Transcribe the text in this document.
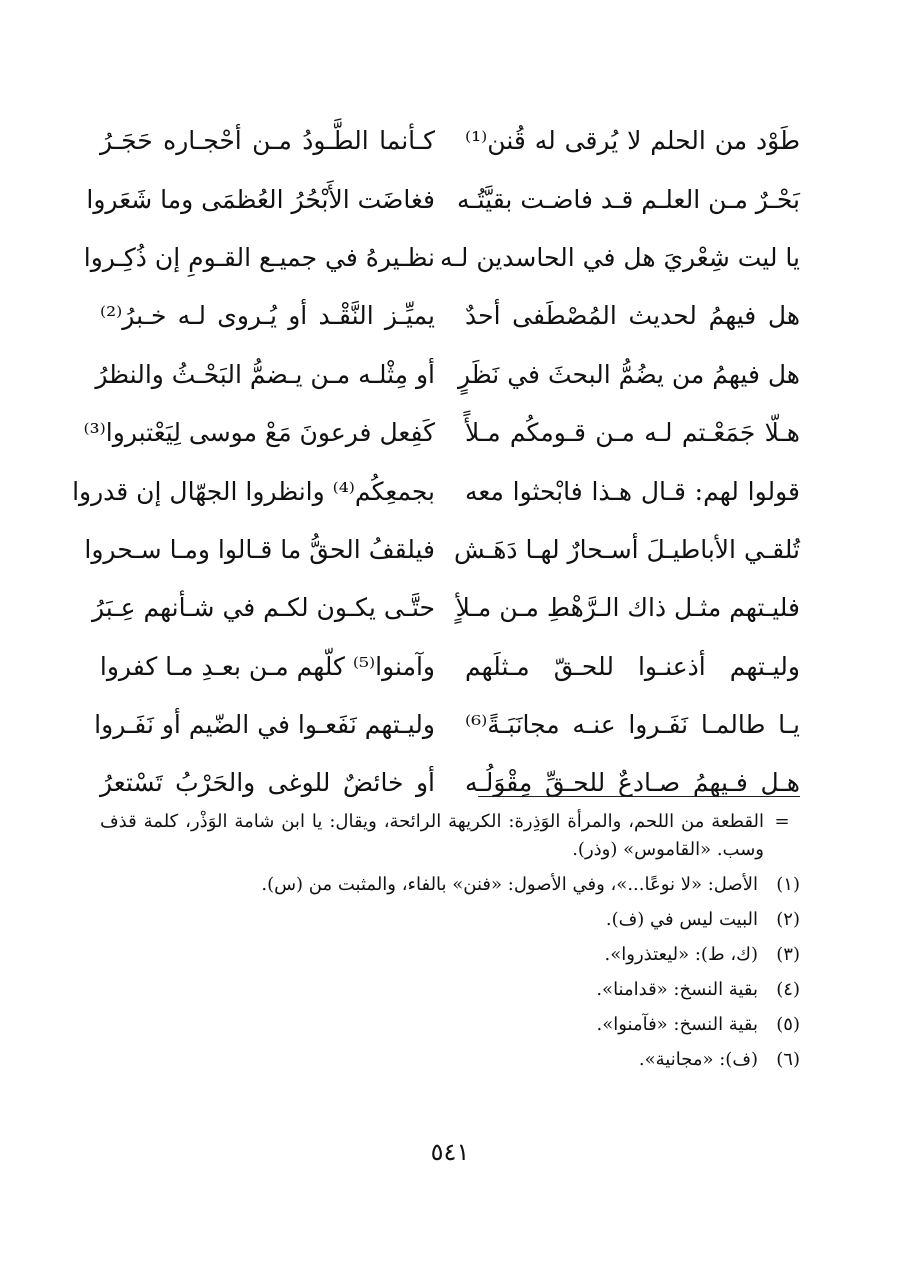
طَوْد من الحلم لا يُرقى له قُنن⁽¹⁾
كـأنما الطَّـودُ مـن أحْجـاره حَجَـرُ
بَحْـرٌ مـن العلـم قـد فاضـت بقيَّتُـه
فغاضَت الأَبْحُرُ العُظمَى وما شَعَروا
يا ليت شِعْريَ هل في الحاسدين لـه
نظـيرهُ في جميـع القـومِ إن ذُكِـروا
هل فيهمُ لحديث المُصْطَفى أحدٌ
يميِّـز النَّقْـد أو يُـروى لـه خـبرُ⁽²⁾
هل فيهمُ من يضُمُّ البحثَ في نَظَرٍ
أو مِثْلـه مـن يـضمُّ البَحْـثُ والنظرُ
هـلّا جَمَعْـتم لـه مـن قـومكُم مـلأً
كَفِعل فرعونَ مَعْ موسى لِيَعْتبروا⁽³⁾
قولوا لهم: قـال هـذا فابْحثوا معه
بجمعِكُم⁽⁴⁾ وانظروا الجهّال إن قدروا
تُلقـي الأباطيـلَ أسـحارٌ لهـا دَهَـش
فيلقفُ الحقُّ ما قـالوا ومـا سـحروا
فليـتهم مثـل ذاك الـرَّهْطِ مـن مـلأٍ
حتَّـى يكـون لكـم في شـأنهم عِـبَرُ
وليـتهم أذعنـوا للحـقّ مـثلَهم
وآمنوا⁽⁵⁾ كلّهم مـن بعـدِ مـا كفروا
يـا طالمـا نَفَـروا عنـه مجانَبَـةً⁽⁶⁾
وليـتهم نَفَعـوا في الضّيم أو نَفَـروا
هـل فـيهمُ صـادعٌ للحـقِّ مِقْوَلُـه
أو خائضٌ للوغى والحَرْبُ تَسْتعرُ
=
القطعة من اللحم، والمرأة الوَذِرة: الكريهة الرائحة، ويقال: يا ابن شامة الوَذْر، كلمة قذف وسب. «القاموس» (وذر).
(١)
الأصل: «لا نوعًا...»، وفي الأصول: «فنن» بالفاء، والمثبت من (س).
(٢)
البيت ليس في (ف).
(٣)
(ك، ط): «ليعتذروا».
(٤)
بقية النسخ: «قدامنا».
(٥)
بقية النسخ: «فآمنوا».
(٦)
(ف): «مجانية».
٥٤١
